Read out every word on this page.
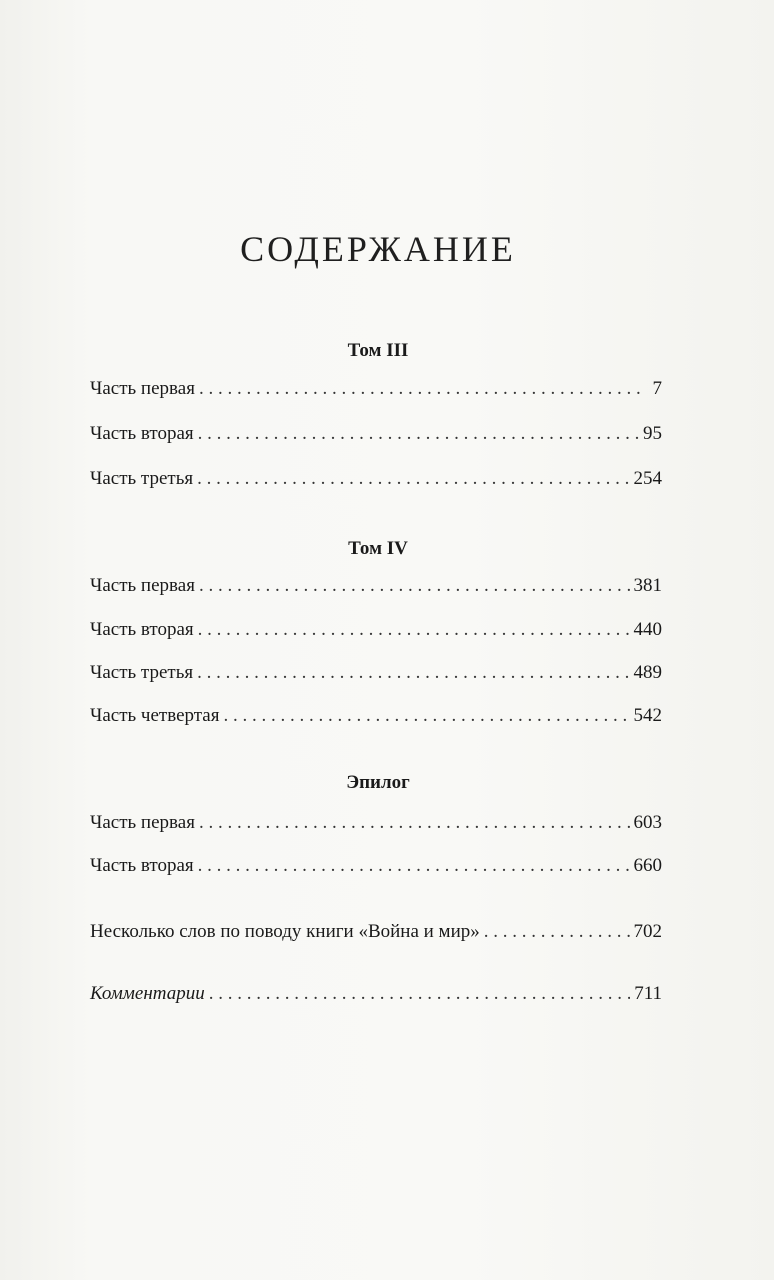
СОДЕРЖАНИЕ
Том III
Часть первая . . .	7
Часть вторая . . .	95
Часть третья . . .	254
Том IV
Часть первая . . .	381
Часть вторая . . .	440
Часть третья . . .	489
Часть четвертая . . .	542
Эпилог
Часть первая . . .	603
Часть вторая . . .	660
Несколько слов по поводу книги «Война и мир» . . .	702
Комментарии . . .	711
